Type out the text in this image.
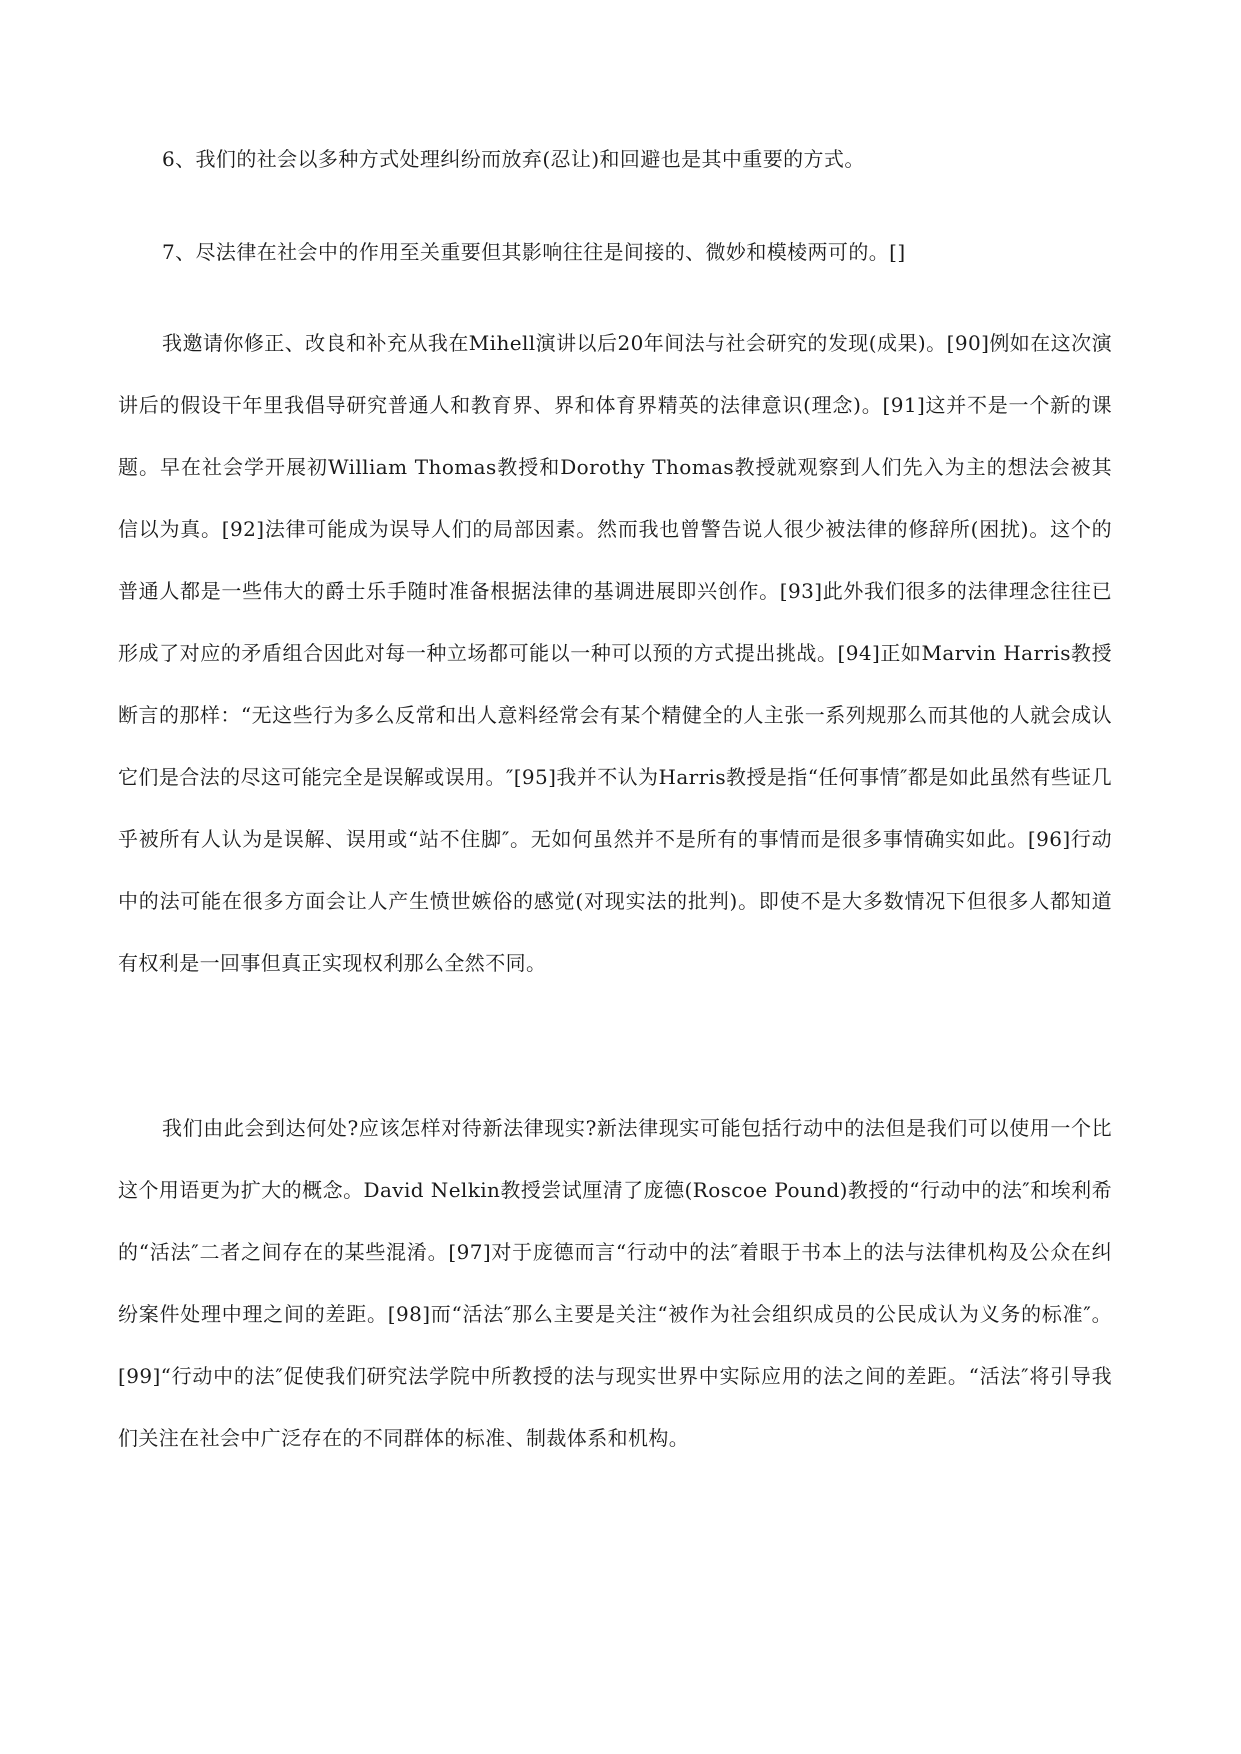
6、我们的社会以多种方式处理纠纷而放弃(忍让)和回避也是其中重要的方式。

7、尽法律在社会中的作用至关重要但其影响往往是间接的、微妙和模棱两可的。[]

我邀请你修正、改良和补充从我在Mihell演讲以后20年间法与社会研究的发现(成果)。[90]例如在这次演讲后的假设干年里我倡导研究普通人和教育界、界和体育界精英的法律意识(理念)。[91]这并不是一个新的课题。早在社会学开展初William Thomas教授和Dorothy Thomas教授就观察到人们先入为主的想法会被其信以为真。[92]法律可能成为误导人们的局部因素。然而我也曾警告说人很少被法律的修辞所(困扰)。这个的普通人都是一些伟大的爵士乐手随时准备根据法律的基调进展即兴创作。[93]此外我们很多的法律理念往往已形成了对应的矛盾组合因此对每一种立场都可能以一种可以预的方式提出挑战。[94]正如Marvin Harris教授断言的那样：“无这些行为多么反常和出人意料经常会有某个精健全的人主张一系列规那么而其他的人就会成认它们是合法的尽这可能完全是误解或误用。″[95]我并不认为Harris教授是指“任何事情″都是如此虽然有些证几乎被所有人认为是误解、误用或“站不住脚″。无如何虽然并不是所有的事情而是很多事情确实如此。[96]行动中的法可能在很多方面会让人产生愤世嫉俗的感觉(对现实法的批判)。即使不是大多数情况下但很多人都知道有权利是一回事但真正实现权利那么全然不同。

我们由此会到达何处?应该怎样对待新法律现实?新法律现实可能包括行动中的法但是我们可以使用一个比这个用语更为扩大的概念。David Nelkin教授尝试厘清了庞德(Roscoe Pound)教授的“行动中的法″和埃利希的“活法″二者之间存在的某些混淆。[97]对于庞德而言“行动中的法″着眼于书本上的法与法律机构及公众在纠纷案件处理中理之间的差距。[98]而“活法″那么主要是关注“被作为社会组织成员的公民成认为义务的标准″。[99]“行动中的法″促使我们研究法学院中所教授的法与现实世界中实际应用的法之间的差距。“活法″将引导我们关注在社会中广泛存在的不同群体的标准、制裁体系和机构。
